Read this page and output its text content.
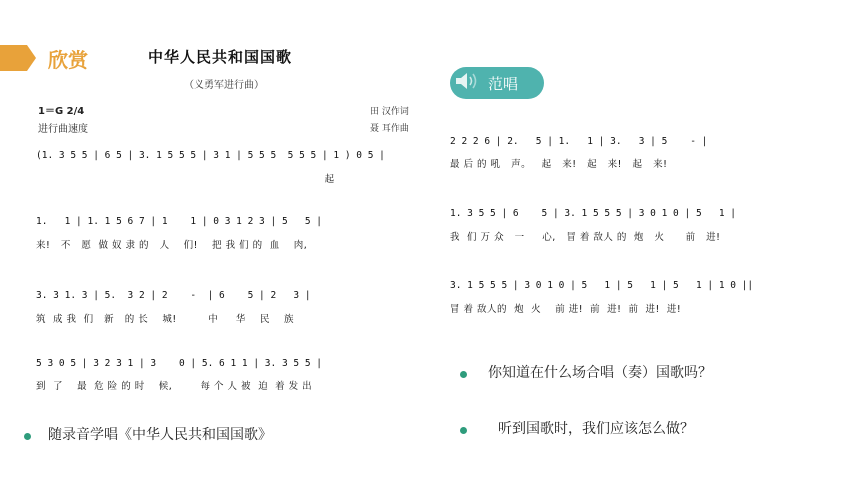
欣赏	中华人民共和国国歌
（义勇军进行曲）
1＝G 2/4
进行曲速度
田 汉作词
聂 耳作曲
范唱
(1. 3 5 5 | 6 5 | 3. 1 5 5 5 | 3 1 | 5 5 5  5 5 5 | 1 ) 0 5 |
起
1.   1 | 1. 1 5 6 7 | 1    1 | 0 3 1 2 3 | 5   5 |
来!   不   愿  做 奴 隶 的   人    们!    把 我 们 的  血    肉,
3. 3 1. 3 | 5.  3 2 | 2    -  | 6    5 | 2   3 |
筑  成 我  们   新   的 长    城!         中     华    民    族
5 3 0 5 | 3 2 3 1 | 3    0 | 5. 6 1 1 | 3. 3 5 5 |
到  了    最  危 险 的 时    候,        每 个 人 被  迫  着 发 出
2 2 2 6 | 2.   5 | 1.   1 | 3.   3 | 5    - |
最 后 的 吼   声。   起   来!   起   来!   起   来!
1. 3 5 5 | 6    5 | 3. 1 5 5 5 | 3 0 1 0 | 5   1 |
我  们 万 众   一     心,   冒 着 敌人 的  炮   火      前   进!
3. 1 5 5 5 | 3 0 1 0 | 5   1 | 5   1 | 5   1 | 1 0 ||
冒 着 敌人的  炮  火    前 进!  前  进!  前  进!  进!
你知道在什么场合唱（奏）国歌吗？
听到国歌时，我们应该怎么做？
随录音学唱《中华人民共和国国歌》
